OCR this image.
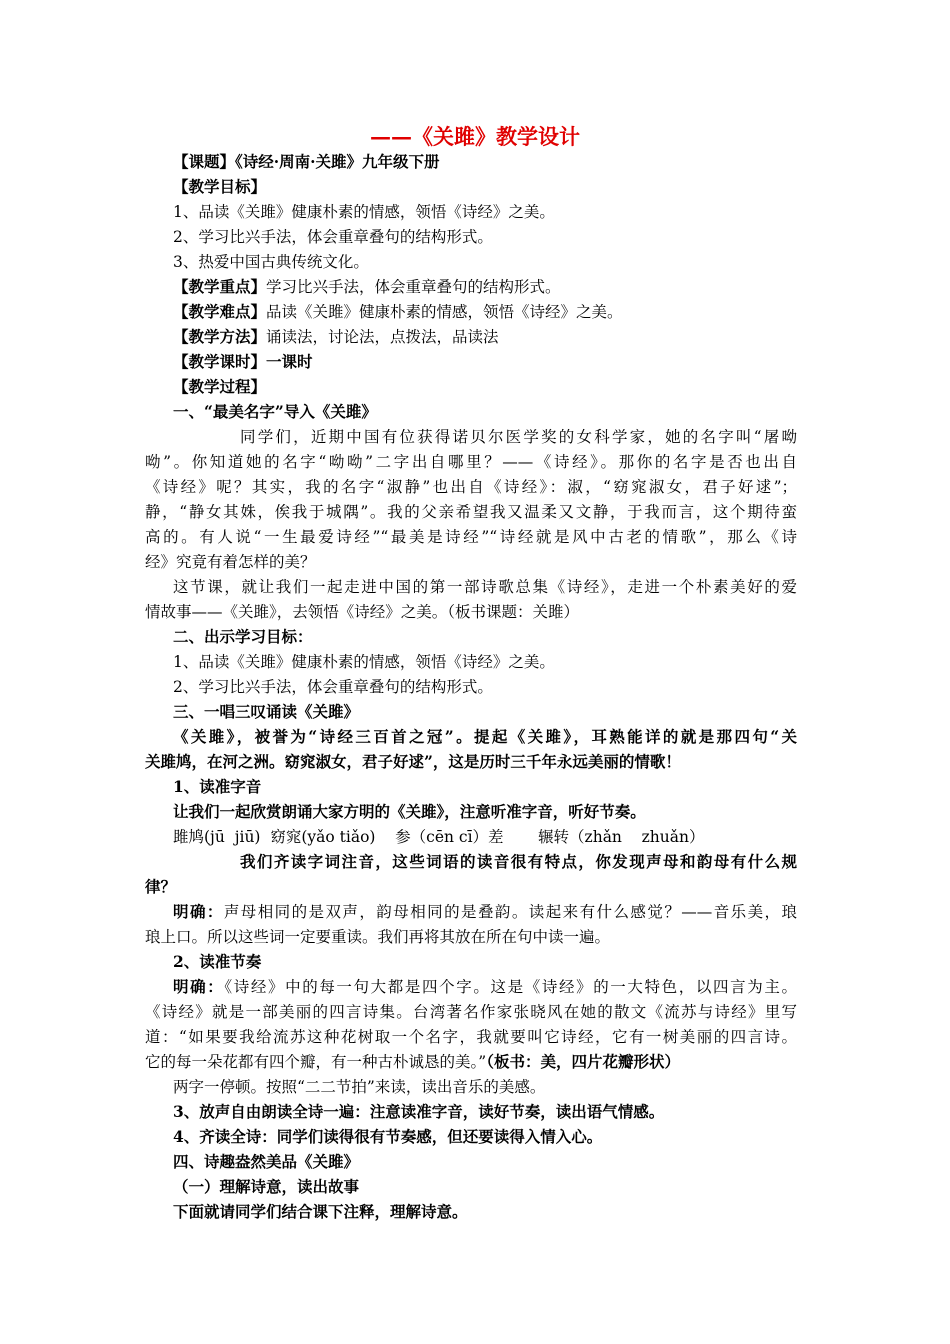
——《关雎》教学设计
【课题】《诗经·周南·关雎》九年级下册
【教学目标】
1、品读《关雎》健康朴素的情感，领悟《诗经》之美。
2、学习比兴手法，体会重章叠句的结构形式。
3、热爱中国古典传统文化。
【教学重点】学习比兴手法，体会重章叠句的结构形式。
【教学难点】品读《关雎》健康朴素的情感，领悟《诗经》之美。
【教学方法】诵读法，讨论法，点拨法，品读法
【教学课时】一课时
【教学过程】
一、“最美名字”导入《关雎》
同学们，近期中国有位获得诺贝尔医学奖的女科学家，她的名字叫“屠呦
呦”。你知道她的名字“呦呦”二字出自哪里？——《诗经》。那你的名字是否也出自
《诗经》呢？其实，我的名字“淑静”也出自《诗经》：淑，“窈窕淑女，君子好逑”；
静，“静女其姝，俟我于城隅”。我的父亲希望我又温柔又文静，于我而言，这个期待蛮
高的。有人说“一生最爱诗经”“最美是诗经”“诗经就是风中古老的情歌”，那么《诗
经》究竟有着怎样的美？
这节课，就让我们一起走进中国的第一部诗歌总集《诗经》，走进一个朴素美好的爱
情故事——《关雎》，去领悟《诗经》之美。（板书课题：关雎）
二、出示学习目标：
1、品读《关雎》健康朴素的情感，领悟《诗经》之美。
2、学习比兴手法，体会重章叠句的结构形式。
三、一唱三叹诵读《关雎》
《关雎》，被誉为“诗经三百首之冠”。提起《关雎》，耳熟能详的就是那四句“关
关雎鸠，在河之洲。窈窕淑女，君子好逑”，这是历时三千年永远美丽的情歌！
1、读准字音
让我们一起欣赏朗诵大家方明的《关雎》，注意听准字音，听好节奏。
雎鸠(jū  jiū)  窈窕(yǎo tiǎo)    参（cēn cī）差       辗转（zhǎn    zhuǎn）
我们齐读字词注音，这些词语的读音很有特点，你发现声母和韵母有什么规
律？
明确：声母相同的是双声，韵母相同的是叠韵。读起来有什么感觉？——音乐美，琅
琅上口。所以这些词一定要重读。我们再将其放在所在句中读一遍。
2、读准节奏
明确：《诗经》中的每一句大都是四个字。这是《诗经》的一大特色，以四言为主。
《诗经》就是一部美丽的四言诗集。台湾著名作家张晓风在她的散文《流苏与诗经》里写
道：“如果要我给流苏这种花树取一个名字，我就要叫它诗经，它有一树美丽的四言诗。
它的每一朵花都有四个瓣，有一种古朴诚恳的美。”（板书：美，四片花瓣形状）
两字一停顿。按照“二二节拍”来读，读出音乐的美感。
3、放声自由朗读全诗一遍：注意读准字音，读好节奏，读出语气情感。
4、齐读全诗：同学们读得很有节奏感，但还要读得入情入心。
四、诗趣盎然美品《关雎》
（一）理解诗意，读出故事
下面就请同学们结合课下注释，理解诗意。
